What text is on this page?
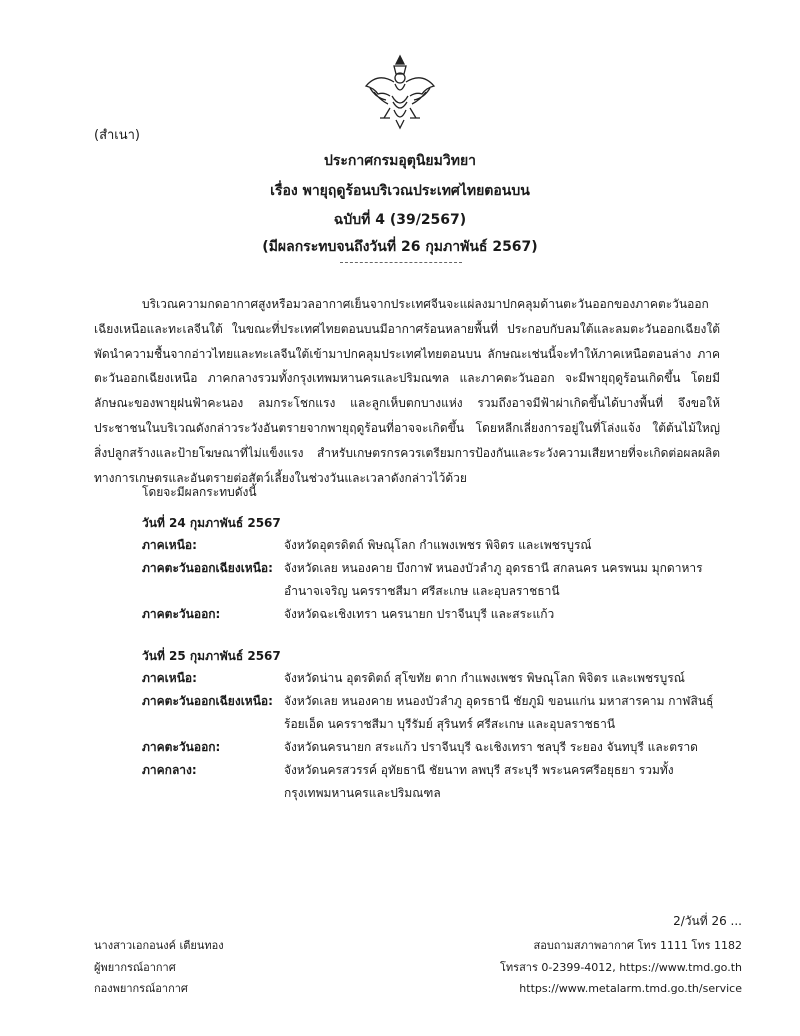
(สำเนา)
ประกาศกรมอุตุนิยมวิทยา
เรื่อง พายุฤดูร้อนบริเวณประเทศไทยตอนบน
ฉบับที่ 4 (39/2567)
(มีผลกระทบจนถึงวันที่ 26 กุมภาพันธ์ 2567)
บริเวณความกดอากาศสูงหรือมวลอากาศเย็นจากประเทศจีนจะแผ่ลงมาปกคลุมด้านตะวันออกของภาคตะวันออกเฉียงเหนือและทะเลจีนใต้ ในขณะที่ประเทศไทยตอนบนมีอากาศร้อนหลายพื้นที่ ประกอบกับลมใต้และลมตะวันออกเฉียงใต้พัดนำความชื้นจากอ่าวไทยและทะเลจีนใต้เข้ามาปกคลุมประเทศไทยตอนบน ลักษณะเช่นนี้จะทำให้ภาคเหนือตอนล่าง ภาคตะวันออกเฉียงเหนือ ภาคกลางรวมทั้งกรุงเทพมหานครและปริมณฑล และภาคตะวันออก จะมีพายุฤดูร้อนเกิดขึ้น โดยมีลักษณะของพายุฝนฟ้าคะนอง ลมกระโชกแรง และลูกเห็บตกบางแห่ง รวมถึงอาจมีฟ้าผ่าเกิดขึ้นได้บางพื้นที่ จึงขอให้ประชาชนในบริเวณดังกล่าวระวังอันตรายจากพายุฤดูร้อนที่อาจจะเกิดขึ้น โดยหลีกเลี่ยงการอยู่ในที่โล่งแจ้ง ใต้ต้นไม้ใหญ่ สิ่งปลูกสร้างและป้ายโฆษณาที่ไม่แข็งแรง สำหรับเกษตรกรควรเตรียมการป้องกันและระวังความเสียหายที่จะเกิดต่อผลผลิตทางการเกษตรและอันตรายต่อสัตว์เลี้ยงในช่วงวันและเวลาดังกล่าวไว้ด้วย
โดยจะมีผลกระทบดังนี้
วันที่ 24 กุมภาพันธ์ 2567
ภาคเหนือ:	จังหวัดอุตรดิตถ์ พิษณุโลก กำแพงเพชร พิจิตร และเพชรบูรณ์
ภาคตะวันออกเฉียงเหนือ: จังหวัดเลย หนองคาย บึงกาฬ หนองบัวลำภู อุดรธานี สกลนคร นครพนม มุกดาหาร อำนาจเจริญ นครราชสีมา ศรีสะเกษ และอุบลราชธานี
ภาคตะวันออก:	จังหวัดฉะเชิงเทรา นครนายก ปราจีนบุรี และสระแก้ว
วันที่ 25 กุมภาพันธ์ 2567
ภาคเหนือ:	จังหวัดน่าน อุตรดิตถ์ สุโขทัย ตาก กำแพงเพชร พิษณุโลก พิจิตร และเพชรบูรณ์
ภาคตะวันออกเฉียงเหนือ: จังหวัดเลย หนองคาย หนองบัวลำภู อุดรธานี ชัยภูมิ ขอนแก่น มหาสารคาม กาฬสินธุ์ ร้อยเอ็ด นครราชสีมา บุรีรัมย์ สุรินทร์ ศรีสะเกษ และอุบลราชธานี
ภาคตะวันออก:	จังหวัดนครนายก สระแก้ว ปราจีนบุรี ฉะเชิงเทรา ชลบุรี ระยอง จันทบุรี และตราด
ภาคกลาง:	จังหวัดนครสวรรค์ อุทัยธานี ชัยนาท ลพบุรี สระบุรี พระนครศรีอยุธยา รวมทั้งกรุงเทพมหานครและปริมณฑล
2/วันที่ 26 ...
นางสาวเอกอนงค์ เตียนทอง
ผู้พยากรณ์อากาศ
กองพยากรณ์อากาศ
สอบถามสภาพอากาศ โทร 1111 โทร 1182
โทรสาร 0-2399-4012, https://www.tmd.go.th
https://www.metalarm.tmd.go.th/service
